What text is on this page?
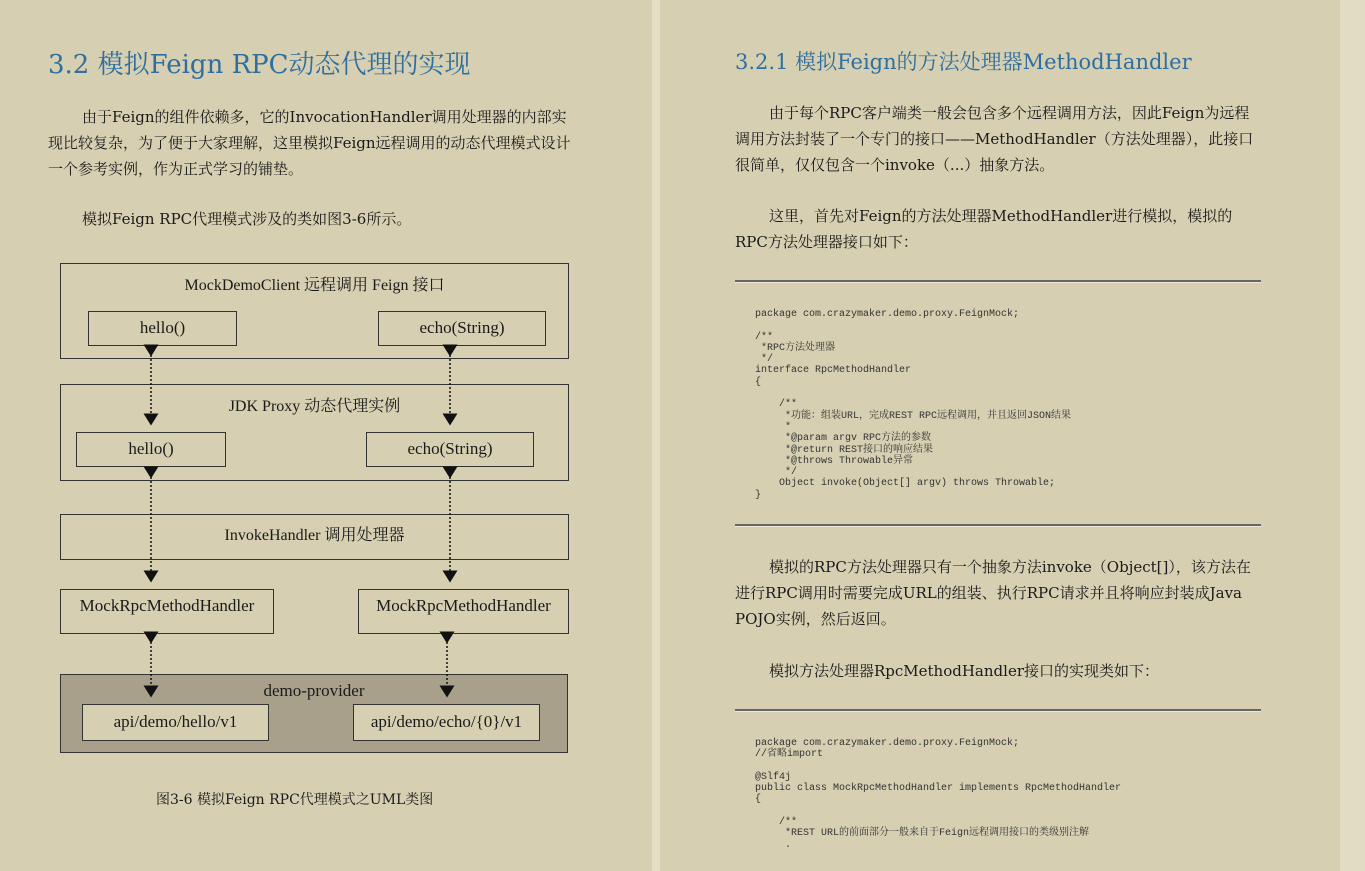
3.2 模拟Feign RPC动态代理的实现

由于Feign的组件依赖多，它的InvocationHandler调用处理器的内部实现比较复杂，为了便于大家理解，这里模拟Feign远程调用的动态代理模式设计一个参考实例，作为正式学习的铺垫。

模拟Feign RPC代理模式涉及的类如图3-6所示。

MockDemoClient 远程调用 Feign 接口
hello()	echo(String)
JDK Proxy 动态代理实例
hello()	echo(String)
InvokeHandler 调用处理器
MockRpcMethodHandler	MockRpcMethodHandler
demo-provider
api/demo/hello/v1	api/demo/echo/{0}/v1
图3-6 模拟Feign RPC代理模式之UML类图
3.2.1 模拟Feign的方法处理器MethodHandler

由于每个RPC客户端类一般会包含多个远程调用方法，因此Feign为远程调用方法封装了一个专门的接口——MethodHandler（方法处理器），此接口很简单，仅仅包含一个invoke（...）抽象方法。

这里，首先对Feign的方法处理器MethodHandler进行模拟，模拟的RPC方法处理器接口如下：

package com.crazymaker.demo.proxy.FeignMock;

/**
*RPC方法处理器
*/
interface RpcMethodHandler
{

/**
*功能：组装URL，完成REST RPC远程调用，并且返回JSON结果
*
*@param argv RPC方法的参数
*@return REST接口的响应结果
*@throws Throwable异常
*/
Object invoke(Object[] argv) throws Throwable;
}

模拟的RPC方法处理器只有一个抽象方法invoke（Object[]），该方法在进行RPC调用时需要完成URL的组装、执行RPC请求并且将响应封装成Java POJO实例，然后返回。

模拟方法处理器RpcMethodHandler接口的实现类如下：

package com.crazymaker.demo.proxy.FeignMock;
//省略import

@Slf4j
public class MockRpcMethodHandler implements RpcMethodHandler
{

/**
*REST URL的前面部分一般来自于Feign远程调用接口的类级别注解
.
